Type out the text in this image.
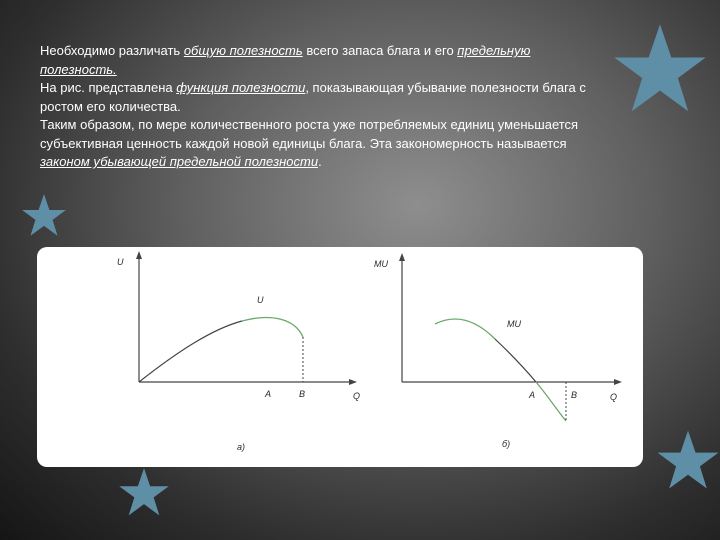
Необходимо различать общую полезность всего запаса блага и его предельную полезность.

На рис. представлена функция полезности, показывающая убывание полезности блага с ростом его количества.

Таким образом, по мере количественного роста уже потребляемых единиц уменьшается субъективная ценность каждой новой единицы блага. Эта закономерность называется законом убывающей предельной полезности.

U
U
A	B	Q
а)
MU
MU
A	B	Q
б)
